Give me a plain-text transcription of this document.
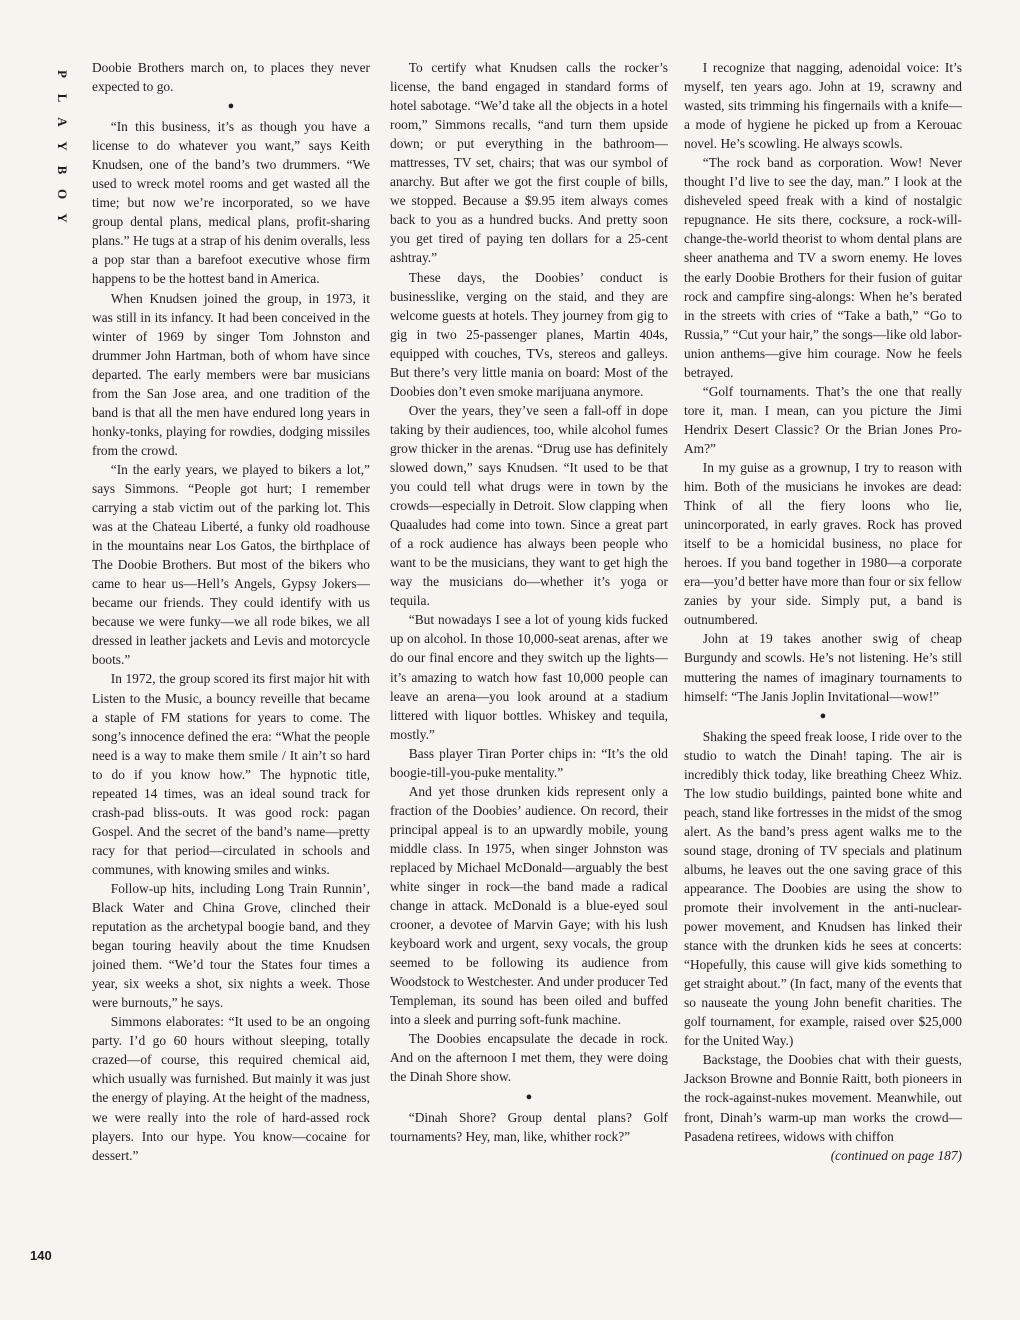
P
L
A
Y
B
O
Y
140

Doobie Brothers march on, to places they never expected to go.

●

“In this business, it’s as though you have a license to do whatever you want,” says Keith Knudsen, one of the band’s two drummers. “We used to wreck motel rooms and get wasted all the time; but now we’re incorporated, so we have group dental plans, medical plans, profit-sharing plans.” He tugs at a strap of his denim overalls, less a pop star than a barefoot executive whose firm happens to be the hottest band in America.

When Knudsen joined the group, in 1973, it was still in its infancy. It had been conceived in the winter of 1969 by singer Tom Johnston and drummer John Hartman, both of whom have since departed. The early members were bar musicians from the San Jose area, and one tradition of the band is that all the men have endured long years in honky-tonks, playing for rowdies, dodging missiles from the crowd.

“In the early years, we played to bikers a lot,” says Simmons. “People got hurt; I remember carrying a stab victim out of the parking lot. This was at the Chateau Liberté, a funky old roadhouse in the mountains near Los Gatos, the birthplace of The Doobie Brothers. But most of the bikers who came to hear us—Hell’s Angels, Gypsy Jokers—became our friends. They could identify with us because we were funky—we all rode bikes, we all dressed in leather jackets and Levis and motorcycle boots.”

In 1972, the group scored its first major hit with Listen to the Music, a bouncy reveille that became a staple of FM stations for years to come. The song’s innocence defined the era: “What the people need is a way to make them smile / It ain’t so hard to do if you know how.” The hypnotic title, repeated 14 times, was an ideal sound track for crash-pad bliss-outs. It was good rock: pagan Gospel. And the secret of the band’s name—pretty racy for that period—circulated in schools and communes, with knowing smiles and winks.

Follow-up hits, including Long Train Runnin’, Black Water and China Grove, clinched their reputation as the archetypal boogie band, and they began touring heavily about the time Knudsen joined them. “We’d tour the States four times a year, six weeks a shot, six nights a week. Those were burnouts,” he says.

Simmons elaborates: “It used to be an ongoing party. I’d go 60 hours without sleeping, totally crazed—of course, this required chemical aid, which usually was furnished. But mainly it was just the energy of playing. At the height of the madness, we were really into the role of hard-assed rock players. Into our hype. You know—cocaine for dessert.”

To certify what Knudsen calls the rocker’s license, the band engaged in standard forms of hotel sabotage. “We’d take all the objects in a hotel room,” Simmons recalls, “and turn them upside down; or put everything in the bathroom—mattresses, TV set, chairs; that was our symbol of anarchy. But after we got the first couple of bills, we stopped. Because a $9.95 item always comes back to you as a hundred bucks. And pretty soon you get tired of paying ten dollars for a 25-cent ashtray.”

These days, the Doobies’ conduct is businesslike, verging on the staid, and they are welcome guests at hotels. They journey from gig to gig in two 25-passenger planes, Martin 404s, equipped with couches, TVs, stereos and galleys. But there’s very little mania on board: Most of the Doobies don’t even smoke marijuana anymore.

Over the years, they’ve seen a fall-off in dope taking by their audiences, too, while alcohol fumes grow thicker in the arenas. “Drug use has definitely slowed down,” says Knudsen. “It used to be that you could tell what drugs were in town by the crowds—especially in Detroit. Slow clapping when Quaaludes had come into town. Since a great part of a rock audience has always been people who want to be the musicians, they want to get high the way the musicians do—whether it’s yoga or tequila.

“But nowadays I see a lot of young kids fucked up on alcohol. In those 10,000-seat arenas, after we do our final encore and they switch up the lights—it’s amazing to watch how fast 10,000 people can leave an arena—you look around at a stadium littered with liquor bottles. Whiskey and tequila, mostly.”

Bass player Tiran Porter chips in: “It’s the old boogie-till-you-puke mentality.”

And yet those drunken kids represent only a fraction of the Doobies’ audience. On record, their principal appeal is to an upwardly mobile, young middle class. In 1975, when singer Johnston was replaced by Michael McDonald—arguably the best white singer in rock—the band made a radical change in attack. McDonald is a blue-eyed soul crooner, a devotee of Marvin Gaye; with his lush keyboard work and urgent, sexy vocals, the group seemed to be following its audience from Woodstock to Westchester. And under producer Ted Templeman, its sound has been oiled and buffed into a sleek and purring soft-funk machine.

The Doobies encapsulate the decade in rock. And on the afternoon I met them, they were doing the Dinah Shore show.

●

“Dinah Shore? Group dental plans? Golf tournaments? Hey, man, like, whither rock?”

I recognize that nagging, adenoidal voice: It’s myself, ten years ago. John at 19, scrawny and wasted, sits trimming his fingernails with a knife—a mode of hygiene he picked up from a Kerouac novel. He’s scowling. He always scowls.

“The rock band as corporation. Wow! Never thought I’d live to see the day, man.” I look at the disheveled speed freak with a kind of nostalgic repugnance. He sits there, cocksure, a rock-will-change-the-world theorist to whom dental plans are sheer anathema and TV a sworn enemy. He loves the early Doobie Brothers for their fusion of guitar rock and campfire sing-alongs: When he’s berated in the streets with cries of “Take a bath,” “Go to Russia,” “Cut your hair,” the songs—like old labor-union anthems—give him courage. Now he feels betrayed.

“Golf tournaments. That’s the one that really tore it, man. I mean, can you picture the Jimi Hendrix Desert Classic? Or the Brian Jones Pro-Am?”

In my guise as a grownup, I try to reason with him. Both of the musicians he invokes are dead: Think of all the fiery loons who lie, unincorporated, in early graves. Rock has proved itself to be a homicidal business, no place for heroes. If you band together in 1980—a corporate era—you’d better have more than four or six fellow zanies by your side. Simply put, a band is outnumbered.

John at 19 takes another swig of cheap Burgundy and scowls. He’s not listening. He’s still muttering the names of imaginary tournaments to himself: “The Janis Joplin Invitational—wow!”

●

Shaking the speed freak loose, I ride over to the studio to watch the Dinah! taping. The air is incredibly thick today, like breathing Cheez Whiz. The low studio buildings, painted bone white and peach, stand like fortresses in the midst of the smog alert. As the band’s press agent walks me to the sound stage, droning of TV specials and platinum albums, he leaves out the one saving grace of this appearance. The Doobies are using the show to promote their involvement in the anti-nuclear-power movement, and Knudsen has linked their stance with the drunken kids he sees at concerts: “Hopefully, this cause will give kids something to get straight about.” (In fact, many of the events that so nauseate the young John benefit charities. The golf tournament, for example, raised over $25,000 for the United Way.)

Backstage, the Doobies chat with their guests, Jackson Browne and Bonnie Raitt, both pioneers in the rock-against-nukes movement. Meanwhile, out front, Dinah’s warm-up man works the crowd—Pasadena retirees, widows with chiffon

(continued on page 187)
